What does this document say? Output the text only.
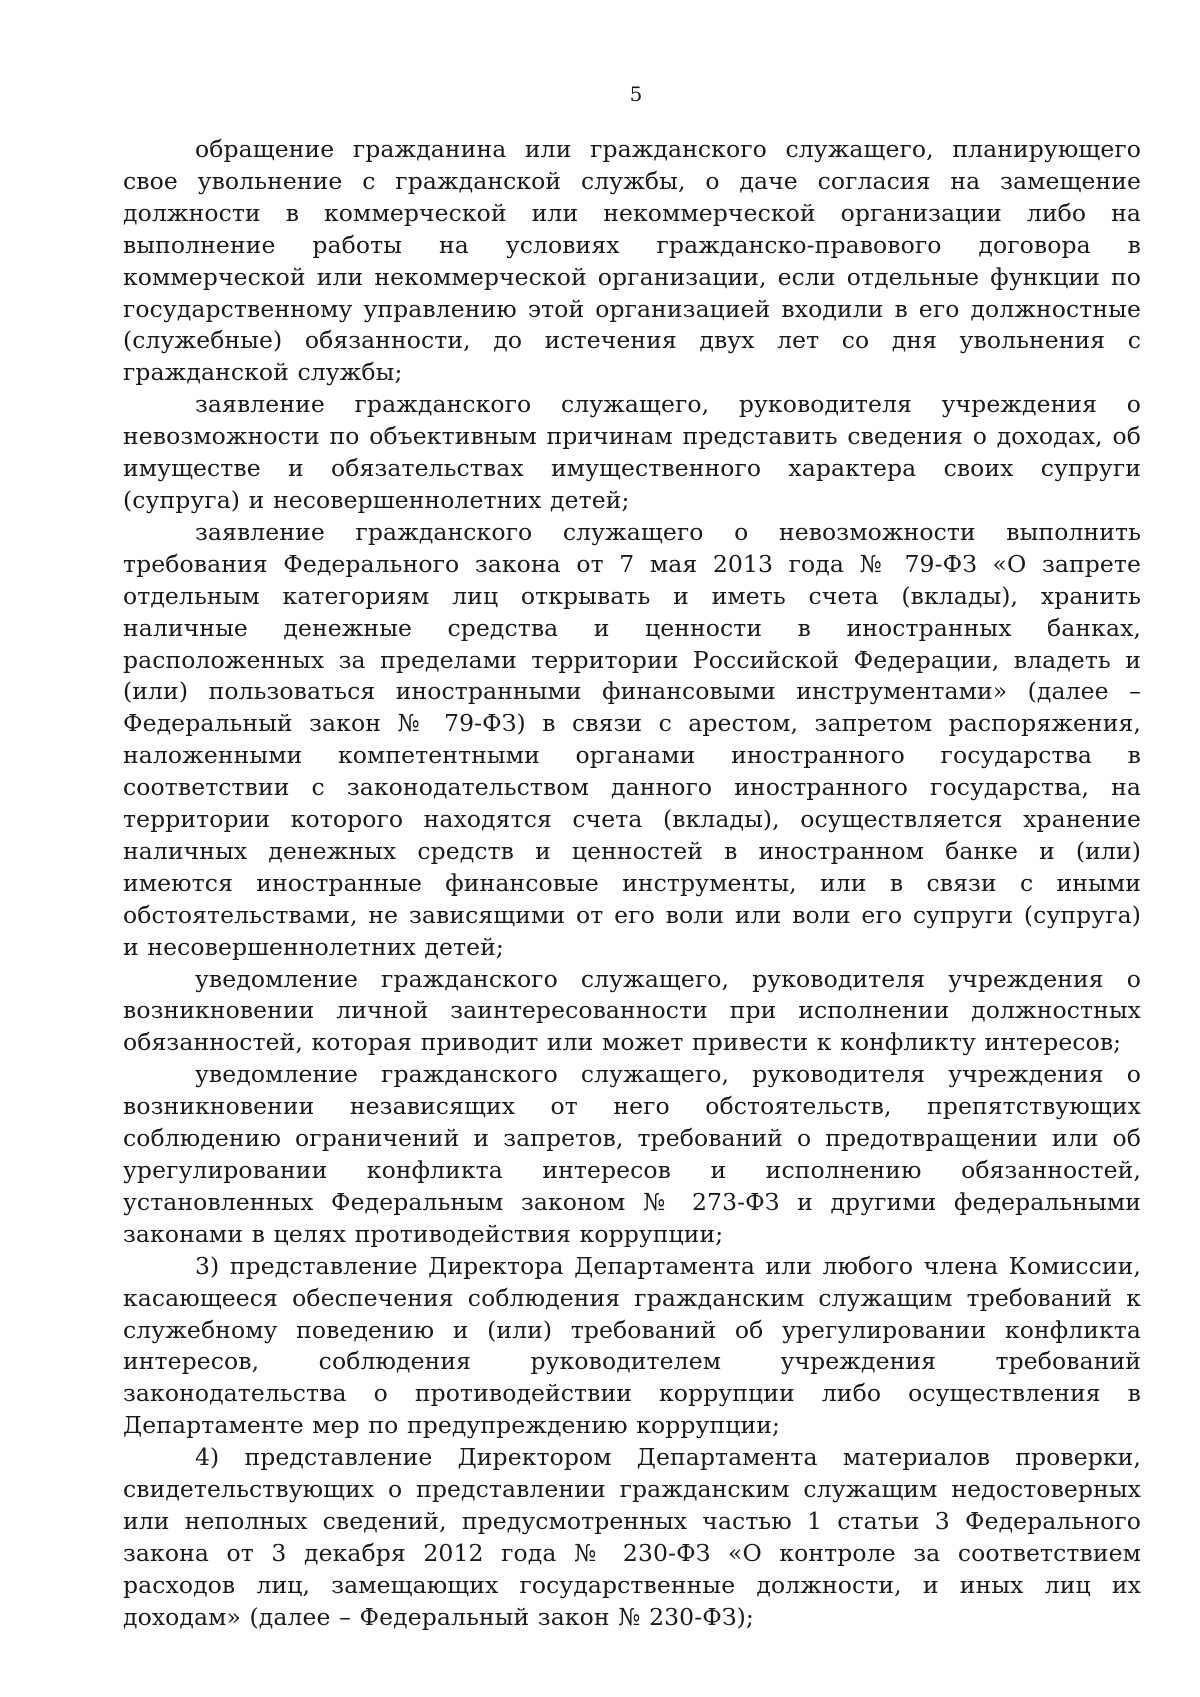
5

обращение гражданина или гражданского служащего, планирующего свое увольнение с гражданской службы, о даче согласия на замещение должности в коммерческой или некоммерческой организации либо на выполнение работы на условиях гражданско-правового договора в коммерческой или некоммерческой организации, если отдельные функции по государственному управлению этой организацией входили в его должностные (служебные) обязанности, до истечения двух лет со дня увольнения с гражданской службы;

заявление гражданского служащего, руководителя учреждения о невозможности по объективным причинам представить сведения о доходах, об имуществе и обязательствах имущественного характера своих супруги (супруга) и несовершеннолетних детей;

заявление гражданского служащего о невозможности выполнить требования Федерального закона от 7 мая 2013 года № 79-ФЗ «О запрете отдельным категориям лиц открывать и иметь счета (вклады), хранить наличные денежные средства и ценности в иностранных банках, расположенных за пределами территории Российской Федерации, владеть и (или) пользоваться иностранными финансовыми инструментами» (далее – Федеральный закон № 79-ФЗ) в связи с арестом, запретом распоряжения, наложенными компетентными органами иностранного государства в соответствии с законодательством данного иностранного государства, на территории которого находятся счета (вклады), осуществляется хранение наличных денежных средств и ценностей в иностранном банке и (или) имеются иностранные финансовые инструменты, или в связи с иными обстоятельствами, не зависящими от его воли или воли его супруги (супруга) и несовершеннолетних детей;

уведомление гражданского служащего, руководителя учреждения о возникновении личной заинтересованности при исполнении должностных обязанностей, которая приводит или может привести к конфликту интересов;

уведомление гражданского служащего, руководителя учреждения о возникновении независящих от него обстоятельств, препятствующих соблюдению ограничений и запретов, требований о предотвращении или об урегулировании конфликта интересов и исполнению обязанностей, установленных Федеральным законом № 273-ФЗ и другими федеральными законами в целях противодействия коррупции;

3) представление Директора Департамента или любого члена Комиссии, касающееся обеспечения соблюдения гражданским служащим требований к служебному поведению и (или) требований об урегулировании конфликта интересов, соблюдения руководителем учреждения требований законодательства о противодействии коррупции либо осуществления в Департаменте мер по предупреждению коррупции;

4) представление Директором Департамента материалов проверки, свидетельствующих о представлении гражданским служащим недостоверных или неполных сведений, предусмотренных частью 1 статьи 3 Федерального закона от 3 декабря 2012 года № 230-ФЗ «О контроле за соответствием расходов лиц, замещающих государственные должности, и иных лиц их доходам» (далее – Федеральный закон № 230-ФЗ);
